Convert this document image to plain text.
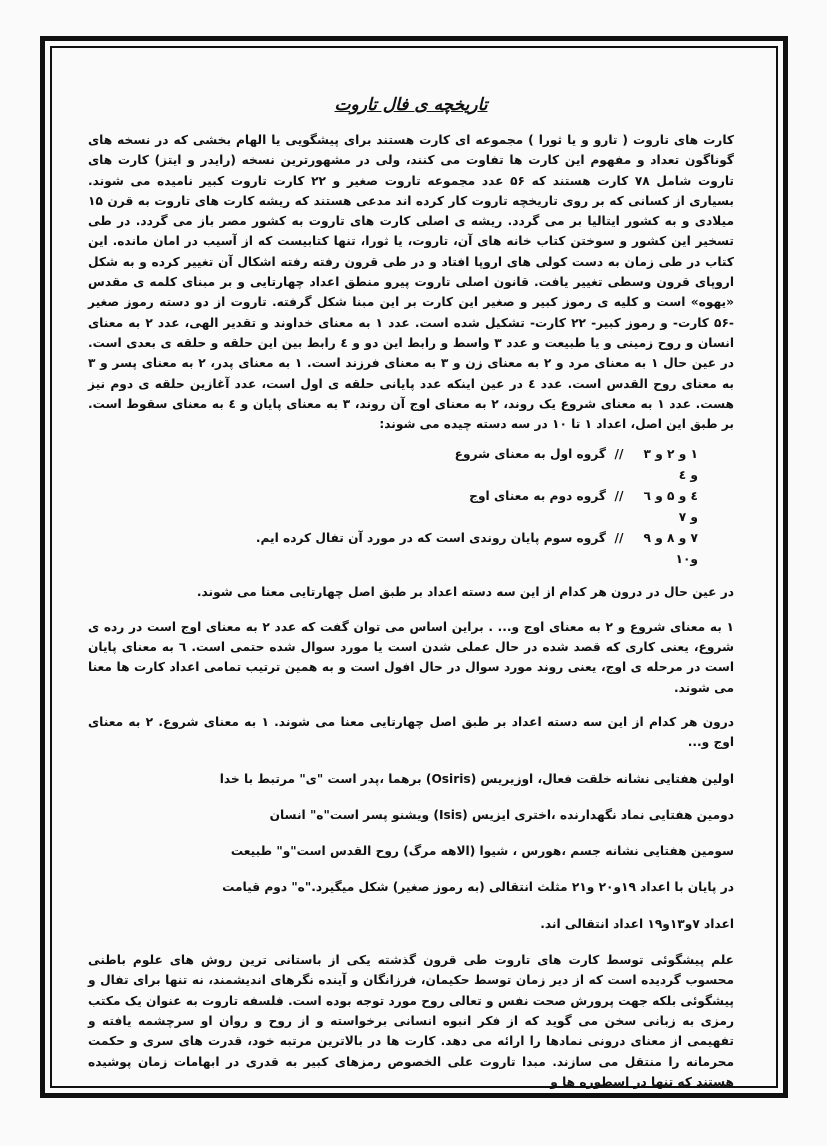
تاریخچه ی فال تاروت

کارت های تاروت ( تارو و یا ثورا ) مجموعه ای کارت هستند برای پیشگویی یا الهام بخشی که در نسخه های گوناگون تعداد و مفهوم این کارت ها تفاوت می کنند، ولی در مشهورترین نسخه (رایدر و ایتز) کارت های تاروت شامل ۷۸ کارت هستند که ۵۶ عدد مجموعه تاروت صغیر و ۲۲ کارت تاروت کبیر نامیده می شوند. بسیاری از کسانی که بر روی تاریخچه تاروت کار کرده اند مدعی هستند که ریشه کارت های تاروت به قرن ۱۵ میلادی و به کشور ایتالیا بر می گردد. ریشه ی اصلی کارت های تاروت به کشور مصر باز می گردد. در طی تسخیر این کشور و سوختن کتاب خانه های آن، تاروت، یا ثورا، تنها کتابیست که از آسیب در امان مانده. این کتاب در طی زمان به دست کولی های اروپا افتاد و در طی قرون رفته رفته اشکال آن تغییر کرده و به شکل اروپای قرون وسطی تغییر یافت. قانون اصلی تاروت پیرو منطق اعداد چهارتایی و بر مبنای کلمه ی مقدس «یهوه» است و کلیه ی رموز کبیر و صغیر این کارت بر این مبنا شکل گرفته. تاروت از دو دسته رموز صغیر -۵۶ کارت- و رموز کبیر- ۲۲ کارت- تشکیل شده است. عدد ۱ به معنای خداوند و تقدیر الهی، عدد ۲ به معنای انسان و روح زمینی و یا طبیعت و عدد ۳ واسط و رابط این دو و ٤ رابط بین این حلقه و حلقه ی بعدی است. در عین حال ۱ به معنای مرد و ۲ به معنای زن و ۳ به معنای فرزند است. ۱ به معنای پدر، ۲ به معنای پسر و ۳ به معنای روح القدس است. عدد ٤ در عین اینکه عدد پایانی حلقه ی اول است، عدد آغازین حلقه ی دوم نیز هست. عدد ۱ به معنای شروع یک روند، ۲ به معنای اوج آن روند، ۳ به معنای پایان و ٤ به معنای سقوط است. بر طبق این اصل، اعداد ۱ تا ۱۰ در سه دسته چیده می شوند:

۱ و ۲ و ۳ و ٤
//
گروه اول به معنای شروع
٤ و ۵ و ٦ و ۷
//
گروه دوم به معنای اوج
۷ و ۸ و ۹ و۱۰
//
گروه سوم پایان روندی است که در مورد آن تفال کرده ایم.

در عین حال در درون هر کدام از این سه دسته اعداد بر طبق اصل چهارتایی معنا می شوند.

۱ به معنای شروع و ۲ به معنای اوج و... . براین اساس می توان گفت که عدد ۲ به معنای اوج است در رده ی شروع، یعنی کاری که قصد شده در حال عملی شدن است یا مورد سوال شده حتمی است. ٦ به معنای پایان است در مرحله ی اوج، یعنی روند مورد سوال در حال افول است و به همین ترتیب تمامی اعداد کارت ها معنا می شوند.

درون هر کدام از این سه دسته اعداد بر طبق اصل چهارتایی معنا می شوند. ۱ به معنای شروع. ۲ به معنای اوج و...

اولین هفتایی نشانه خلقت فعال، اوزیریس (Osiris) برهما ،پدر است "ی" مرتبط با خدا

دومین هفتایی نماد نگهدارنده ،اختری ایزیس (Isis) ویشنو پسر است"ه" انسان

سومین هفتایی نشانه جسم ،هورس ، شیوا (الاهه مرگ) روح القدس است"و" طبیعت

در پایان با اعداد ۱۹و۲۰ و۲۱ مثلث انتقالی (به رموز صغیر) شکل میگیرد."ه" دوم قیامت

اعداد ۷و۱۳و۱۹ اعداد انتقالی اند.

علم پیشگوئی توسط کارت های تاروت طی قرون گذشته یکی از باستانی ترین روش های علوم باطنی محسوب گردیده است که از دیر زمان توسط حکیمان، فرزانگان و آینده نگرهای اندیشمند، نه تنها برای تفال و پیشگوئی بلکه جهت پرورش صحت نفس و تعالی روح مورد توجه بوده است. فلسفه تاروت به عنوان یک مکتب رمزی به زبانی سخن می گوید که از فکر انبوه انسانی برخواسته و از روح و روان او سرچشمه یافته و تفهیمی از معنای درونی نمادها را ارائه می دهد. کارت ها در بالاترین مرتبه خود، قدرت های سری و حکمت محرمانه را منتقل می سازند. مبدا تاروت علی الخصوص رمزهای کبیر به قدری در ابهامات زمان پوشیده هستند که تنها در اسطوره ها و
